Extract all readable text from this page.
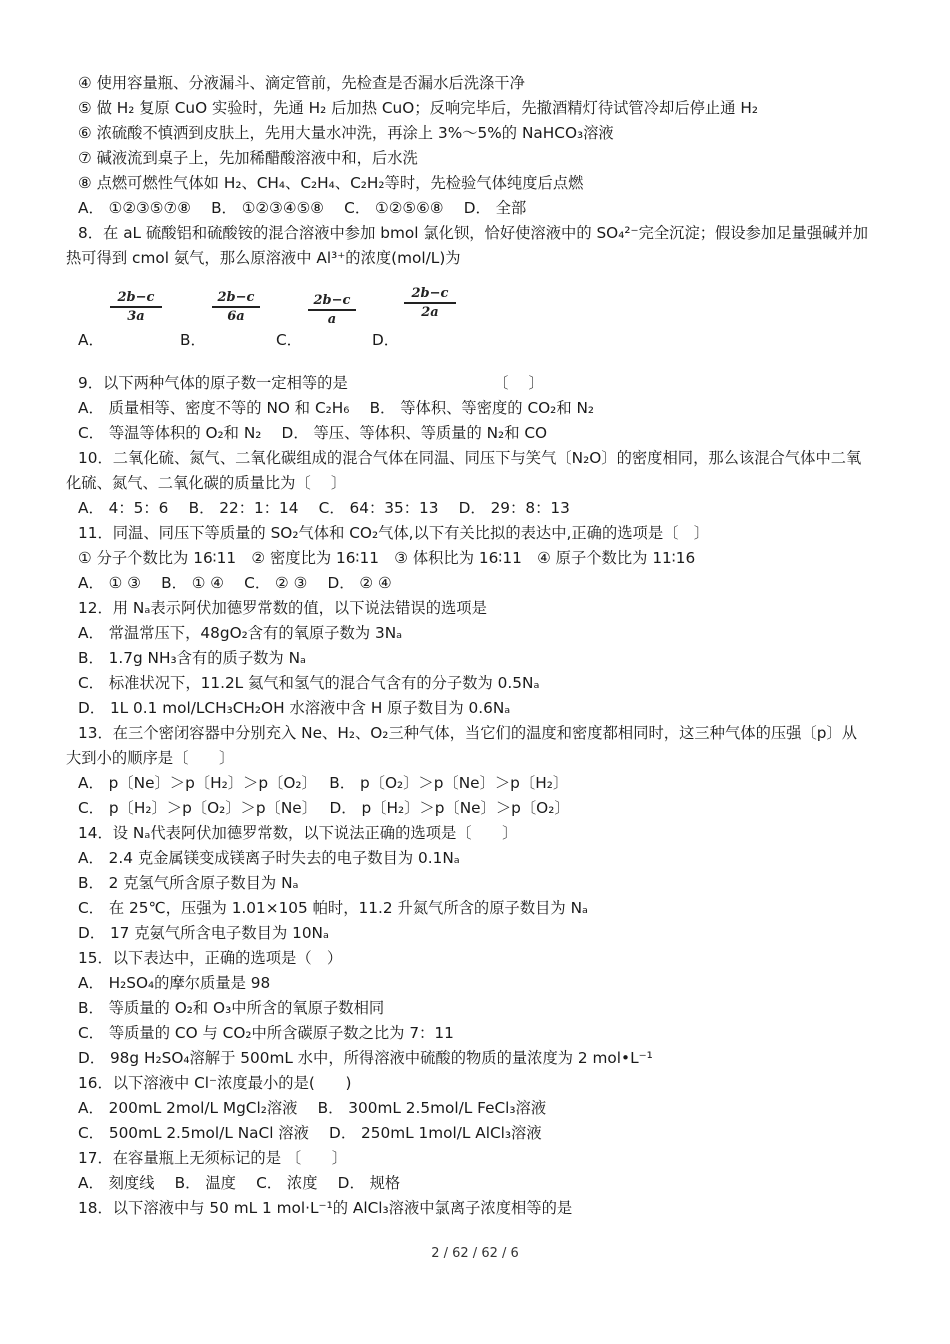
④ 使用容量瓶、分液漏斗、滴定管前，先检查是否漏水后洗涤干净
⑤ 做 H₂ 复原 CuO 实验时，先通 H₂ 后加热 CuO；反响完毕后，先撤酒精灯待试管冷却后停止通 H₂
⑥ 浓硫酸不慎洒到皮肤上，先用大量水冲洗，再涂上 3%～5%的 NaHCO₃溶液
⑦ 碱液流到桌子上，先加稀醋酸溶液中和，后水洗
⑧ 点燃可燃性气体如 H₂、CH₄、C₂H₄、C₂H₂等时，先检验气体纯度后点燃
A． ①②③⑤⑦⑧　 B． ①②③④⑤⑧　 C． ①②⑤⑥⑧　 D． 全部
8．在 aL 硫酸铝和硫酸铵的混合溶液中参加 bmol 氯化钡，恰好使溶液中的 SO₄²⁻完全沉淀；假设参加足量强碱并加热可得到 cmol 氨气，那么原溶液中 Al³⁺的浓度(mol/L)为
$\frac{2b-c}{3a}$	$\frac{2b-c}{6a}$	$\frac{2b-c}{a}$	$\frac{2b-c}{2a}$
A．	B．	C．	D．
9．以下两种气体的原子数一定相等的是　　　　　　　　　　〔　 〕
A． 质量相等、密度不等的 NO 和 C₂H₆　 B． 等体积、等密度的 CO₂和 N₂
C． 等温等体积的 O₂和 N₂　 D． 等压、等体积、等质量的 N₂和 CO
10．二氧化硫、氮气、二氧化碳组成的混合气体在同温、同压下与笑气〔N₂O〕的密度相同，那么该混合气体中二氧化硫、氮气、二氧化碳的质量比为〔　 〕
A． 4：5：6　 B． 22：1：14　 C． 64：35：13　 D． 29：8：13
11．同温、同压下等质量的 SO₂气体和 CO₂气体,以下有关比拟的表达中,正确的选项是〔　〕
① 分子个数比为 16∶11　② 密度比为 16∶11　③ 体积比为 16∶11　④ 原子个数比为 11∶16
A． ① ③　 B． ① ④　 C． ② ③　 D． ② ④
12．用 Nₐ表示阿伏加德罗常数的值，以下说法错误的选项是
A． 常温常压下，48gO₂含有的氧原子数为 3Nₐ
B． 1.7g NH₃含有的质子数为 Nₐ
C． 标准状况下，11.2L 氦气和氢气的混合气含有的分子数为 0.5Nₐ
D． 1L 0.1 mol/LCH₃CH₂OH 水溶液中含 H 原子数目为 0.6Nₐ
13．在三个密闭容器中分别充入 Ne、H₂、O₂三种气体，当它们的温度和密度都相同时，这三种气体的压强〔p〕从大到小的顺序是〔　　〕
A． p〔Ne〕＞p〔H₂〕＞p〔O₂〕　 B． p〔O₂〕＞p〔Ne〕＞p〔H₂〕
C． p〔H₂〕＞p〔O₂〕＞p〔Ne〕　 D． p〔H₂〕＞p〔Ne〕＞p〔O₂〕
14．设 Nₐ代表阿伏加德罗常数，以下说法正确的选项是〔　　〕
A． 2.4 克金属镁变成镁离子时失去的电子数目为 0.1Nₐ
B． 2 克氢气所含原子数目为 Nₐ
C． 在 25℃，压强为 1.01×105 帕时，11.2 升氮气所含的原子数目为 Nₐ
D． 17 克氨气所含电子数目为 10Nₐ
15．以下表达中，正确的选项是（　）
A． H₂SO₄的摩尔质量是 98
B． 等质量的 O₂和 O₃中所含的氧原子数相同
C． 等质量的 CO 与 CO₂中所含碳原子数之比为 7：11
D． 98g H₂SO₄溶解于 500mL 水中，所得溶液中硫酸的物质的量浓度为 2 mol•L⁻¹
16．以下溶液中 Cl⁻浓度最小的是(　　)
A． 200mL 2mol/L MgCl₂溶液　 B． 300mL 2.5mol/L FeCl₃溶液
C． 500mL 2.5mol/L NaCl 溶液　 D． 250mL 1mol/L AlCl₃溶液
17．在容量瓶上无须标记的是 〔　　〕
A． 刻度线　 B． 温度　 C． 浓度　 D． 规格
18．以下溶液中与 50 mL 1 mol·L⁻¹的 AlCl₃溶液中氯离子浓度相等的是
2 / 62 / 62 / 6
